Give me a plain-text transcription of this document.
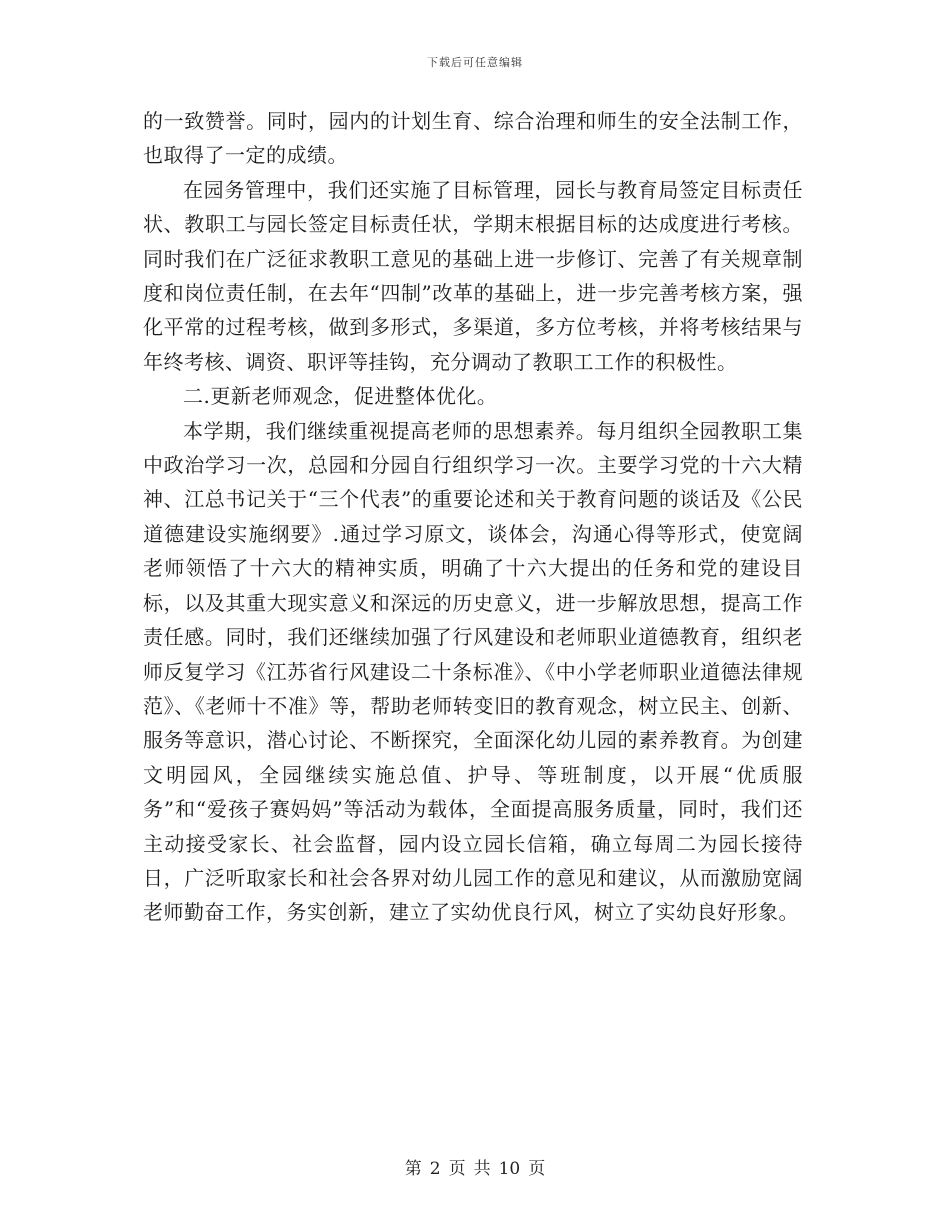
下载后可任意编辑

的一致赞誉。同时，园内的计划生育、综合治理和师生的安全法制工作，也取得了一定的成绩。

在园务管理中，我们还实施了目标管理，园长与教育局签定目标责任状、教职工与园长签定目标责任状，学期末根据目标的达成度进行考核。同时我们在广泛征求教职工意见的基础上进一步修订、完善了有关规章制度和岗位责任制，在去年“四制”改革的基础上，进一步完善考核方案，强化平常的过程考核，做到多形式，多渠道，多方位考核，并将考核结果与年终考核、调资、职评等挂钩，充分调动了教职工工作的积极性。

二.更新老师观念，促进整体优化。

本学期，我们继续重视提高老师的思想素养。每月组织全园教职工集中政治学习一次，总园和分园自行组织学习一次。主要学习党的十六大精神、江总书记关于“三个代表”的重要论述和关于教育问题的谈话及《公民道德建设实施纲要》.通过学习原文，谈体会，沟通心得等形式，使宽阔老师领悟了十六大的精神实质，明确了十六大提出的任务和党的建设目标，以及其重大现实意义和深远的历史意义，进一步解放思想，提高工作责任感。同时，我们还继续加强了行风建设和老师职业道德教育，组织老师反复学习《江苏省行风建设二十条标准》、《中小学老师职业道德法律规范》、《老师十不准》等，帮助老师转变旧的教育观念，树立民主、创新、服务等意识，潜心讨论、不断探究，全面深化幼儿园的素养教育。为创建文明园风，全园继续实施总值、护导、等班制度，以开展“优质服务”和“爱孩子赛妈妈”等活动为载体，全面提高服务质量，同时，我们还主动接受家长、社会监督，园内设立园长信箱，确立每周二为园长接待日，广泛听取家长和社会各界对幼儿园工作的意见和建议，从而激励宽阔老师勤奋工作，务实创新，建立了实幼优良行风，树立了实幼良好形象。

第 2 页 共 10 页
